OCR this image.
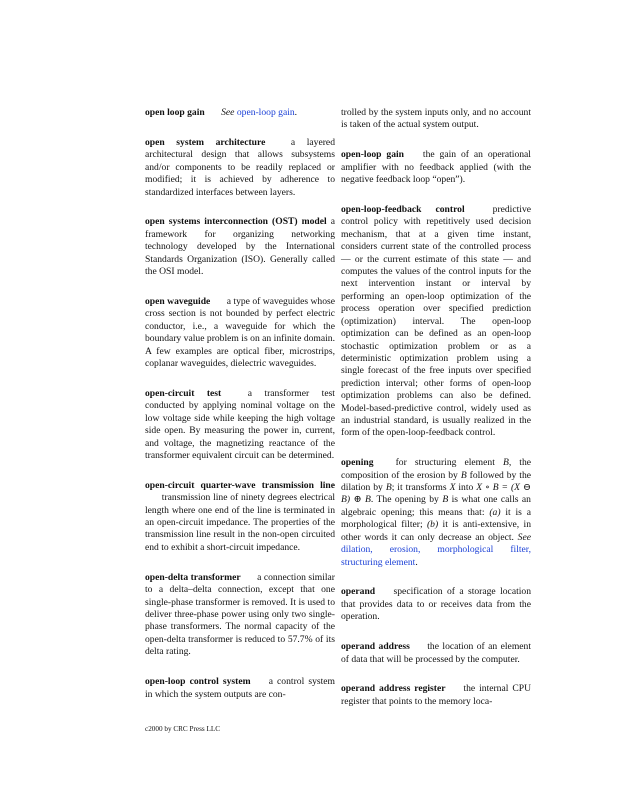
open loop gain See open-loop gain.
open system architecture	a layered architectural design that allows subsystems and/or components to be readily replaced or modified; it is achieved by adherence to standardized interfaces between layers.
open systems interconnection (OST) model a framework for organizing networking technology developed by the International Standards Organization (ISO). Generally called the OSI model.
open waveguide a type of waveguides whose cross section is not bounded by perfect electric conductor, i.e., a waveguide for which the boundary value problem is on an infinite domain. A few examples are optical fiber, microstrips, coplanar waveguides, dielectric waveguides.
open-circuit test	a transformer test conducted by applying nominal voltage on the low voltage side while keeping the high voltage side open. By measuring the power in, current, and voltage, the magnetizing reactance of the transformer equivalent circuit can be determined.
open-circuit quarter-wave transmission line transmission line of ninety degrees electrical length where one end of the line is terminated in an open-circuit impedance. The properties of the transmission line result in the non-open circuited end to exhibit a short-circuit impedance.
open-delta transformer a connection similar to a delta–delta connection, except that one single-phase transformer is removed. It is used to deliver three-phase power using only two single-phase transformers. The normal capacity of the open-delta transformer is reduced to 57.7% of its delta rating.
open-loop control system a control system in which the system outputs are con-
trolled by the system inputs only, and no account is taken of the actual system output.
open-loop gain the gain of an operational amplifier with no feedback applied (with the negative feedback loop “open”).
open-loop-feedback control	predictive control policy with repetitively used decision mechanism, that at a given time instant, considers current state of the controlled process — or the current estimate of this state — and computes the values of the control inputs for the next intervention instant or interval by performing an open-loop optimization of the process operation over specified prediction (optimization) interval. The open-loop optimization can be defined as an open-loop stochastic optimization problem or as a deterministic optimization problem using a single forecast of the free inputs over specified prediction interval; other forms of open-loop optimization problems can also be defined. Model-based-predictive control, widely used as an industrial standard, is usually realized in the form of the open-loop-feedback control.
opening for structuring element B, the composition of the erosion by B followed by the dilation by B; it transforms X into X ∘ B = (X ⊖ B) ⊕ B. The opening by B is what one calls an algebraic opening; this means that: (a) it is a morphological filter; (b) it is anti-extensive, in other words it can only decrease an object. See dilation, erosion, morphological filter, structuring element.
operand specification of a storage location that provides data to or receives data from the operation.
operand address the location of an element of data that will be processed by the computer.
operand address register the internal CPU register that points to the memory loca-
c2000 by CRC Press LLC
